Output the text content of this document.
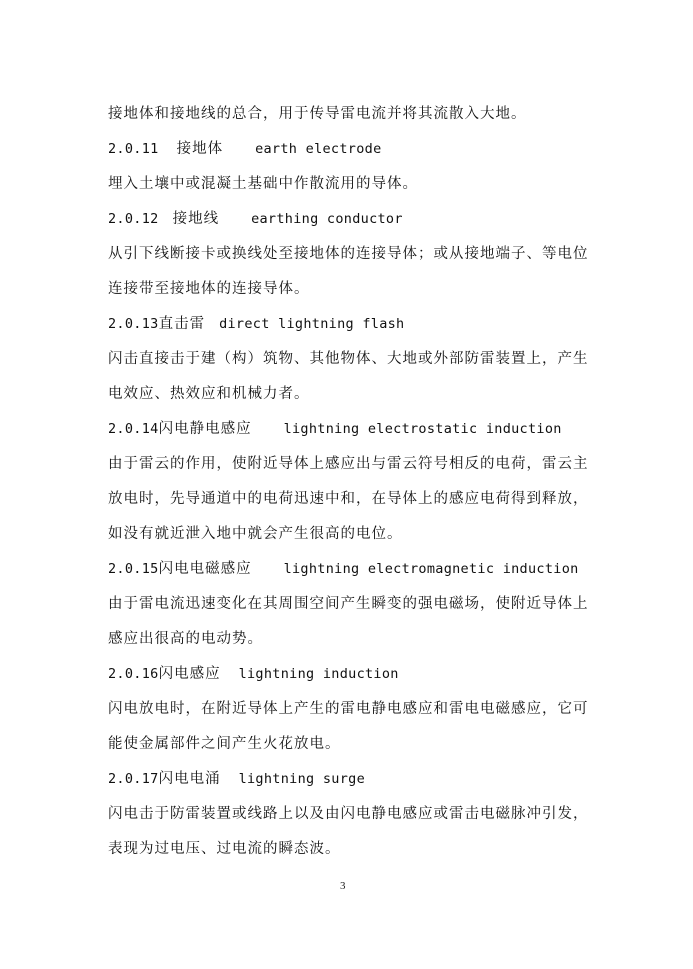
接地体和接地线的总合，用于传导雷电流并将其流散入大地。
2.0.11 接地体 earth electrode
埋入土壤中或混凝土基础中作散流用的导体。
2.0.12 接地线 earthing conductor
从引下线断接卡或换线处至接地体的连接导体；或从接地端子、等电位
连接带至接地体的连接导体。
2.0.13直击雷 direct lightning flash
闪击直接击于建（构）筑物、其他物体、大地或外部防雷装置上，产生
电效应、热效应和机械力者。
2.0.14闪电静电感应 lightning electrostatic induction
由于雷云的作用，使附近导体上感应出与雷云符号相反的电荷，雷云主
放电时，先导通道中的电荷迅速中和，在导体上的感应电荷得到释放，
如没有就近泄入地中就会产生很高的电位。
2.0.15闪电电磁感应 lightning electromagnetic induction
由于雷电流迅速变化在其周围空间产生瞬变的强电磁场，使附近导体上
感应出很高的电动势。
2.0.16闪电感应 lightning induction
闪电放电时，在附近导体上产生的雷电静电感应和雷电电磁感应，它可
能使金属部件之间产生火花放电。
2.0.17闪电电涌 lightning surge
闪电击于防雷装置或线路上以及由闪电静电感应或雷击电磁脉冲引发，
表现为过电压、过电流的瞬态波。
3
